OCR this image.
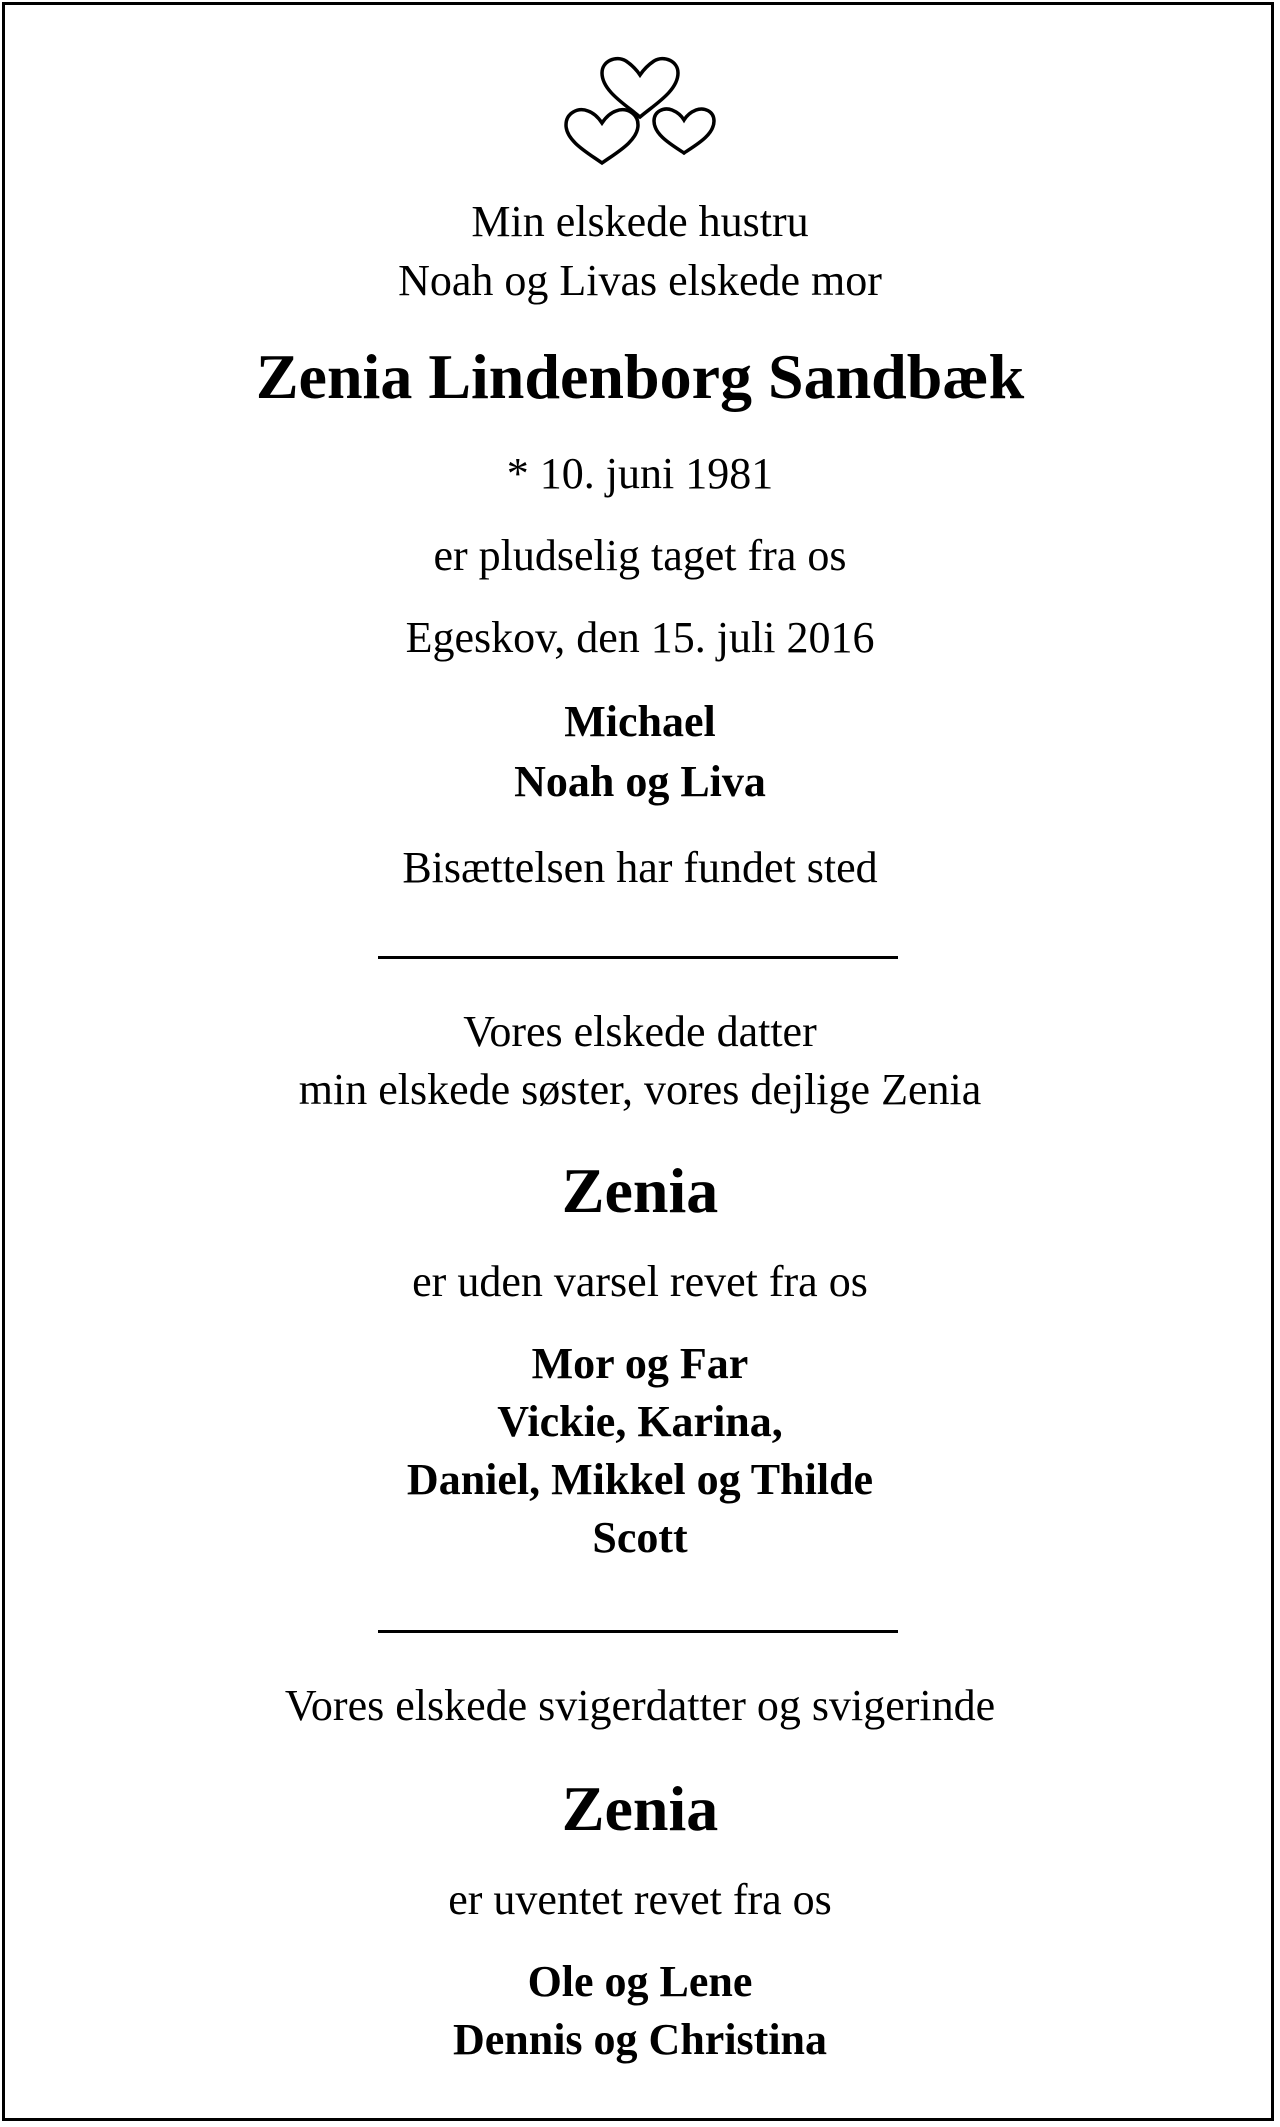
Min elskede hustru
Noah og Livas elskede mor
Zenia Lindenborg Sandbæk
* 10. juni 1981
er pludselig taget fra os
Egeskov, den 15. juli 2016
Michael
Noah og Liva
Bisættelsen har fundet sted
Vores elskede datter
min elskede søster, vores dejlige Zenia
Zenia
er uden varsel revet fra os
Mor og Far
Vickie, Karina,
Daniel, Mikkel og Thilde
Scott
Vores elskede svigerdatter og svigerinde
Zenia
er uventet revet fra os
Ole og Lene
Dennis og Christina
